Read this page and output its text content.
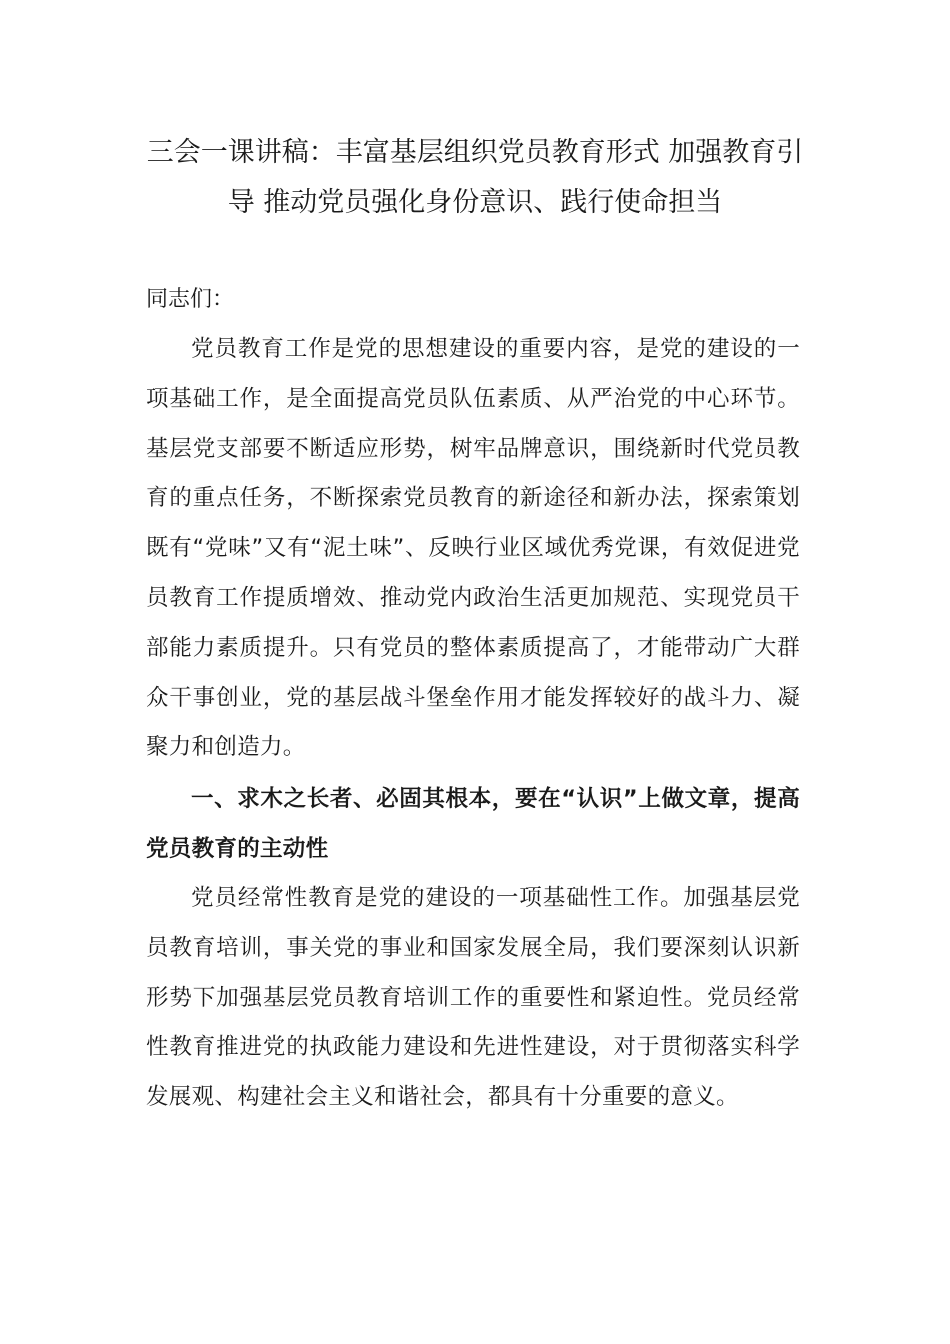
三会一课讲稿：丰富基层组织党员教育形式 加强教育引导 推动党员强化身份意识、践行使命担当

同志们：

党员教育工作是党的思想建设的重要内容，是党的建设的一项基础工作，是全面提高党员队伍素质、从严治党的中心环节。基层党支部要不断适应形势，树牢品牌意识，围绕新时代党员教育的重点任务，不断探索党员教育的新途径和新办法，探索策划既有“党味”又有“泥土味”、反映行业区域优秀党课，有效促进党员教育工作提质增效、推动党内政治生活更加规范、实现党员干部能力素质提升。只有党员的整体素质提高了，才能带动广大群众干事创业，党的基层战斗堡垒作用才能发挥较好的战斗力、凝聚力和创造力。

一、求木之长者、必固其根本，要在“认识”上做文章，提高党员教育的主动性

党员经常性教育是党的建设的一项基础性工作。加强基层党员教育培训，事关党的事业和国家发展全局，我们要深刻认识新形势下加强基层党员教育培训工作的重要性和紧迫性。党员经常性教育推进党的执政能力建设和先进性建设，对于贯彻落实科学发展观、构建社会主义和谐社会，都具有十分重要的意义。
